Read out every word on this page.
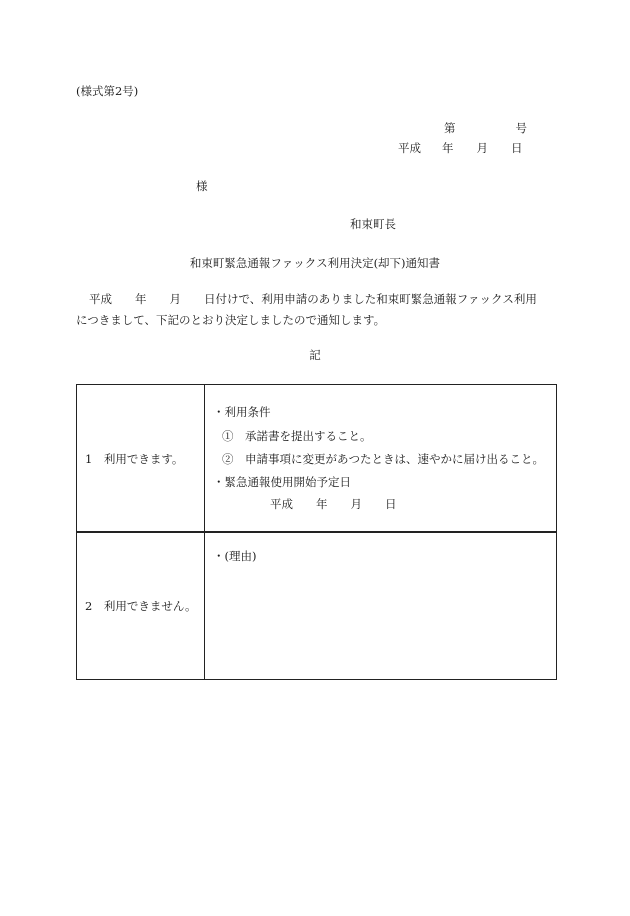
(様式第2号)
第	号
平成 年 月 日
様
和束町長
和束町緊急通報ファックス利用決定(却下)通知書
平成　　年　　月　　日付けで、利用申請のありました和束町緊急通報ファックス利用
につきまして、下記のとおり決定しましたので通知します。
記
1　利用できます。
・利用条件
①　承諾書を提出すること。
②　申請事項に変更があつたときは、速やかに届け出ること。
・緊急通報使用開始予定日
平成　　年　　月　　日
2　利用できません。
・(理由)
